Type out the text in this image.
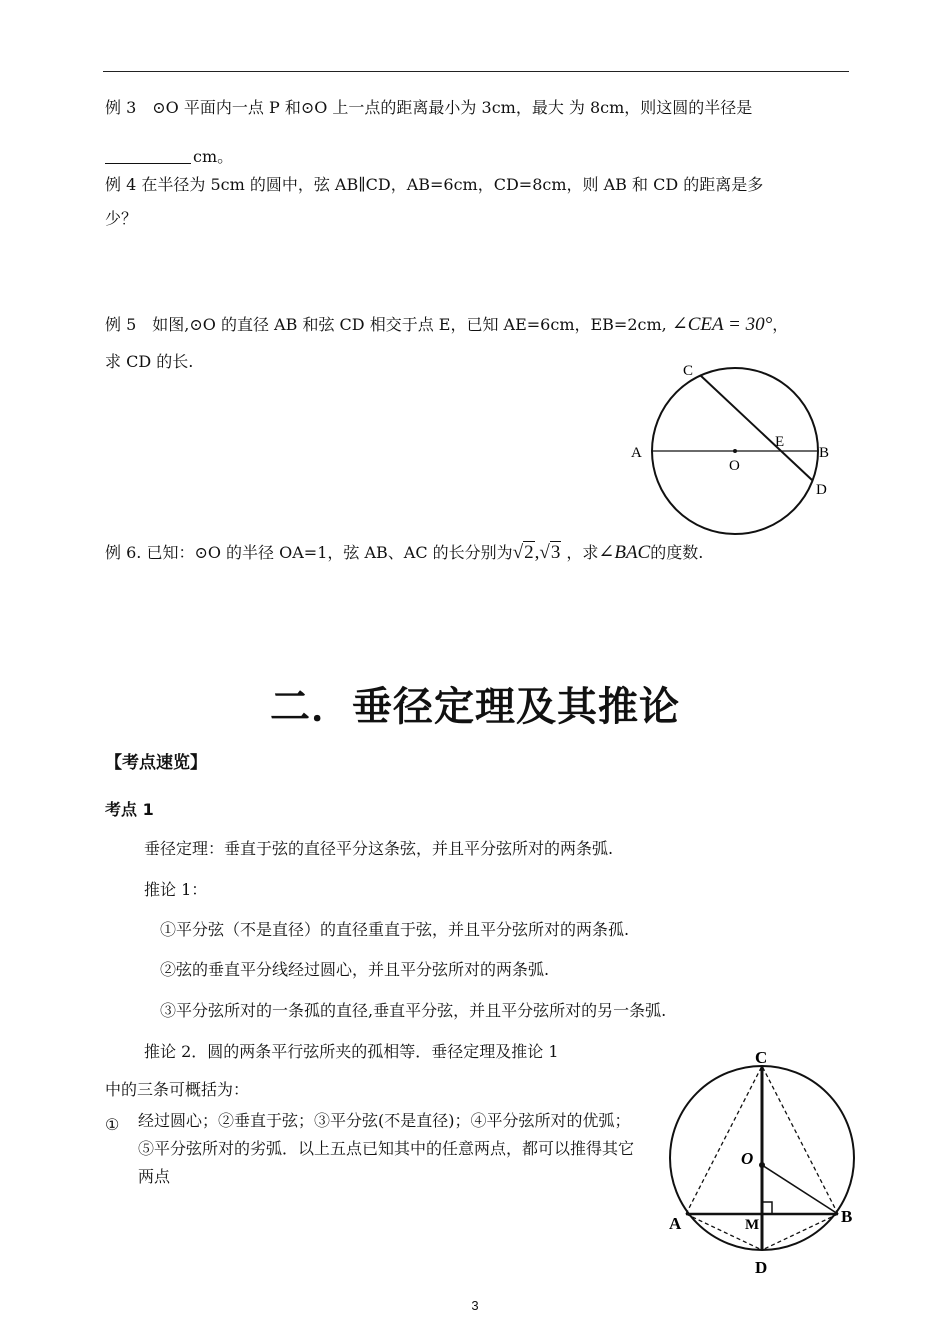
例 3　⊙O 平面内一点 P 和⊙O 上一点的距离最小为 3cm，最大 为 8cm，则这圆的半径是
cm。
例 4 在半径为 5cm 的圆中，弦 AB∥CD，AB=6cm，CD=8cm，则 AB 和 CD 的距离是多
少？
例 5　如图,⊙O 的直径 AB 和弦 CD 相交于点 E，已知 AE=6cm，EB=2cm, ∠CEA = 30°，
求 CD 的长.	C
A
O
E
B
D
例 6. 已知：⊙O 的半径 OA=1，弦 AB、AC 的长分别为√2,√3 ，求∠BAC的度数.
二．垂径定理及其推论
【考点速览】
考点 1
垂径定理：垂直于弦的直径平分这条弦，并且平分弦所对的两条弧.
推论 1：
①平分弦（不是直径）的直径重直于弦，并且平分弦所对的两条孤.
②弦的垂直平分线经过圆心，并且平分弦所对的两条弧.
③平分弦所对的一条孤的直径,垂直平分弦，并且平分弦所对的另一条弧.
推论 2．圆的两条平行弦所夹的孤相等．垂径定理及推论 1
中的三条可概括为：
① 经过圆心；②垂直于弦；③平分弦(不是直径)；④平分弦所对的优弧；⑤平分弦所对的劣弧．以上五点已知其中的任意两点，都可以推得其它两点
C
O
A	M	B
D
3
